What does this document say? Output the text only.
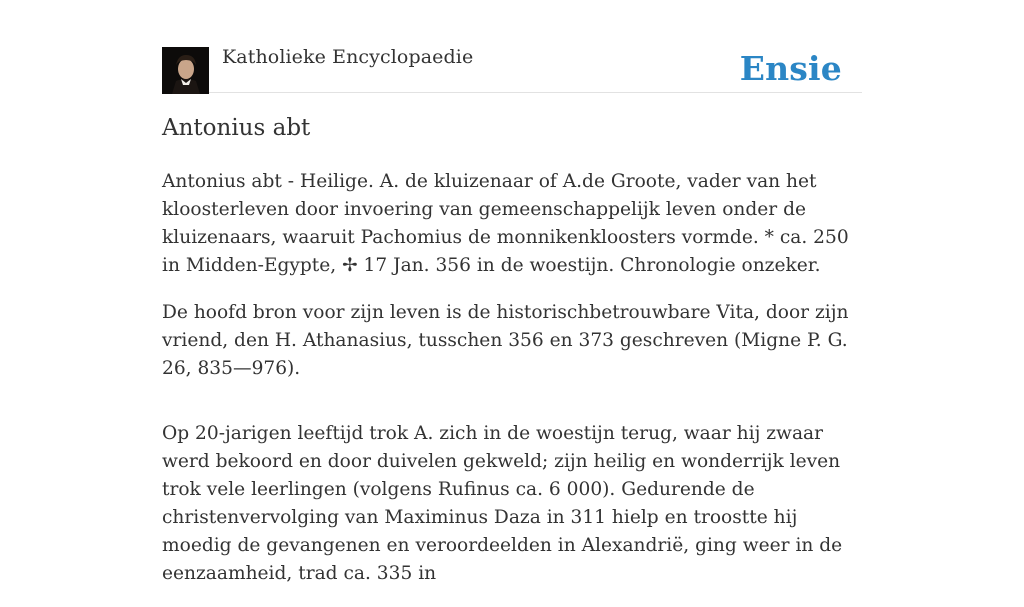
Katholieke Encyclopaedie	Ensie
Antonius abt

Antonius abt - Heilige. A. de kluizenaar of A.de Groote, vader van het kloosterleven door invoering van gemeenschappelijk leven onder de kluizenaars, waaruit Pachomius de monnikenkloosters vormde. * ca. 250 in Midden-Egypte, ✢ 17 Jan. 356 in de woestijn. Chronologie onzeker.

De hoofd bron voor zijn leven is de historischbetrouwbare Vita, door zijn vriend, den H. Athanasius, tusschen 356 en 373 geschreven (Migne P. G. 26, 835—976).

Op 20-jarigen leeftijd trok A. zich in de woestijn terug, waar hij zwaar werd bekoord en door duivelen gekweld; zijn heilig en wonderrijk leven trok vele leerlingen (volgens Rufinus ca. 6 000). Gedurende de christenvervolging van Maximinus Daza in 311 hielp en troostte hij moedig de gevangenen en veroordeelden in Alexandrië, ging weer in de eenzaamheid, trad ca. 335 in
